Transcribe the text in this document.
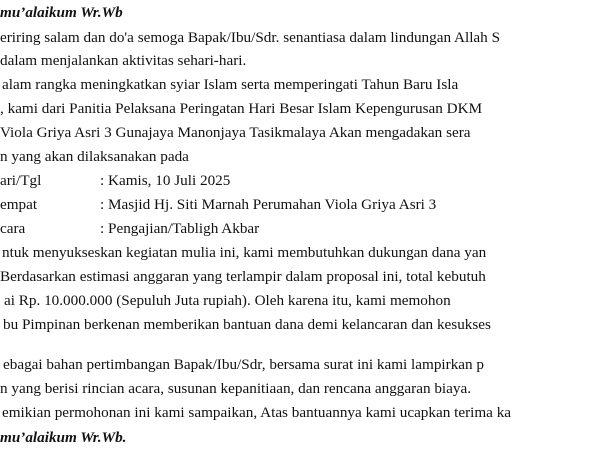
mu’alaikum Wr.Wb
eriring salam dan do'a semoga Bapak/Ibu/Sdr. senantiasa dalam lindungan Allah S
dalam menjalankan aktivitas sehari-hari.
alam rangka meningkatkan syiar Islam serta memperingati Tahun Baru Isla
, kami dari Panitia Pelaksana Peringatan Hari Besar Islam Kepengurusan DKM
Viola Griya Asri 3 Gunajaya Manonjaya Tasikmalaya Akan mengadakan sera
n yang akan dilaksanakan pada
ari/Tgl	: Kamis, 10 Juli 2025
empat	: Masjid Hj. Siti Marnah Perumahan Viola Griya Asri 3
cara	: Pengajian/Tabligh Akbar
ntuk menyukseskan kegiatan mulia ini, kami membutuhkan dukungan dana yan
Berdasarkan estimasi anggaran yang terlampir dalam proposal ini, total kebutuh
ai Rp. 10.000.000 (Sepuluh Juta rupiah). Oleh karena itu, kami memohon
bu Pimpinan berkenan memberikan bantuan dana demi kelancaran dan kesukses
ebagai bahan pertimbangan Bapak/Ibu/Sdr, bersama surat ini kami lampirkan p
n yang berisi rincian acara, susunan kepanitiaan, dan rencana anggaran biaya.
emikian permohonan ini kami sampaikan, Atas bantuannya kami ucapkan terima ka
mu’alaikum Wr.Wb.
